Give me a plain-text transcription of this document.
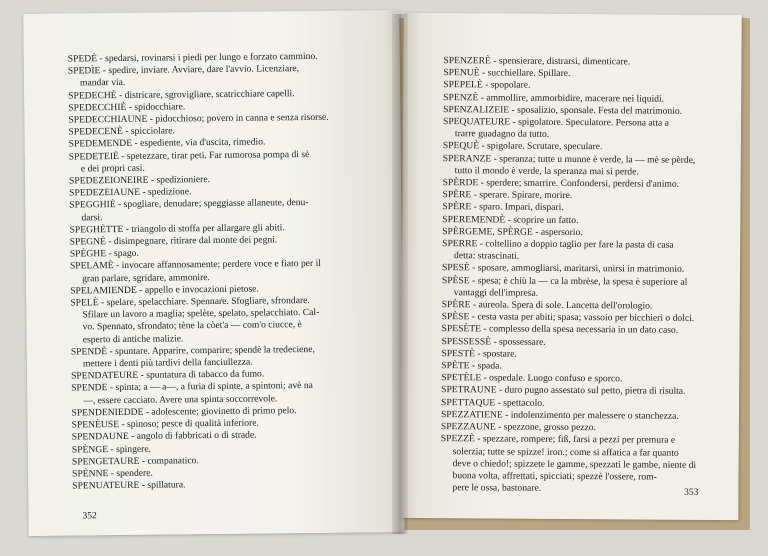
SPEDÈ - spedarsi, rovinarsi i piedi per lungo e forzato cammino.

SPEDÌE - spedire, inviare. Avviare, dare l'avvio. Licenziare,

mandar via.

SPEDECHÈ - districare, sgrovigliare, scatricchiare capelli.

SPEDECCHIÈ - spidocchiare.

SPEDECCHIAUNE - pidocchioso; povero in canna e senza risorse.

SPEDECENÈ - spicciolare.

SPEDEMENDE - espediente, via d'uscita, rimedio.

SPEDETEIÈ - spetezzare, tirar peti. Far rumorosa pompa di sè

e dei propri casi.

SPEDEZEIONEIRE - spedizioniere.

SPEDEZEIAUNE - spedizione.

SPEGGHIÈ - spogliare, denudare; speggiasse allaneute, denu-

darsi.

SPEGHÈTTE - triangolo di stoffa per allargare gli abiti.

SPEGNÈ - disimpegnare, ritirare dal monte dei pegni.

SPÈGHE - spago.

SPELAMÈ - invocare affannosamente; perdere voce e fiato per il

gran parlare, sgridare, ammonire.

SPELAMIENDE - appello e invocazioni pietose.

SPELÈ - spelare, spelacchiare. Spennare. Sfogliare, sfrondare.

Sfilare un lavoro a maglia; spelète, spelato, spelacchiato. Cal-

vo. Spennato, sfrondato; tène la còet'a — com'o ciucce, è

esperto di antiche malizie.

SPENDÈ - spuntare. Apparire, comparire; spendè la tredeciene,

mettere i denti più tardivi della fanciullezza.

SPENDATEURE - spuntatura di tabacco da fumo.

SPENDE - spinta; a — a—, a furia di spinte, a spintoni; avè na

—, essere cacciato. Avere una spinta soccorrevole.

SPENDENIEDDE - adolescente; giovinetto di primo pelo.

SPENÈUSE - spinoso; pesce di qualità inferiore.

SPENDAUNE - angolo di fabbricati o di strade.

SPÈNGE - spingere.

SPENGETAURE - companatico.

SPÈNNE - spendere.

SPENUATEURE - spillatura.

352

SPENZERÈ - spensierare, distrarsi, dimenticare.

SPENUÈ - succhiellare. Spillare.

SPEPELÈ - spopolare.

SPENZÈ - ammollire, ammorbidire, macerare nei liquidi.

SPENZALIZEIE - sposalizio, sponsale. Festa del matrimonio.

SPEQUATEURE - spigolatore. Speculatore. Persona atta a

trarre guadagno da tutto.

SPEQUÈ - spigolare. Scrutare, speculare.

SPERANZE - speranza; tutte u munne è verde, la — mè se pèrde,

tutto il mondo è verde, la speranza mai si perde.

SPÈRDE - sperdere; smarrire. Confondersi, perdersi d'animo.

SPÈRE - sperare. Spirare, morire.

SPÈRE - sparo. Impari, dispari.

SPEREMENDÈ - scoprire un fatto.

SPÈRGEME, SPÈRGE - aspersorio.

SPERRE - coltellino a doppio taglio per fare la pasta di casa

detta: strascinati.

SPESÈ - sposare, ammogliarsi, maritarsi, unirsi in matrimonio.

SPÈSE - spesa; è chiù la — ca la mbrèse, la spesa è superiore al

vantaggi dell'impresa.

SPÈRE - aureola. Spera di sole. Lancetta dell'orologio.

SPÈSE - cesta vasta per abiti; spasa; vassoio per bicchieri o dolci.

SPESÈTE - complesso della spesa necessaria in un dato caso.

SPESSESSÈ - spossessare.

SPESTÈ - spostare.

SPÈTE - spada.

SPETÈLE - ospedale. Luogo confuso e sporco.

SPETRAUNE - duro pugno assestato sul petto, pietra di risulta.

SPETTAQUE - spettacolo.

SPEZZATIENE - indolenzimento per malessere o stanchezza.

SPEZZAUNE - spezzone, grosso pezzo.

SPEZZÈ - spezzare, rompere; fiß, farsi a pezzi per premura e

solerzia; tutte se spizze! iron.; come si affatica a far quanto

deve o chiedo!; spizzete le gamme, spezzati le gambe, niente di

buona volta, affrettati, spicciati; spezzè l'ossere, rom-

pere le ossa, bastonare.	353
